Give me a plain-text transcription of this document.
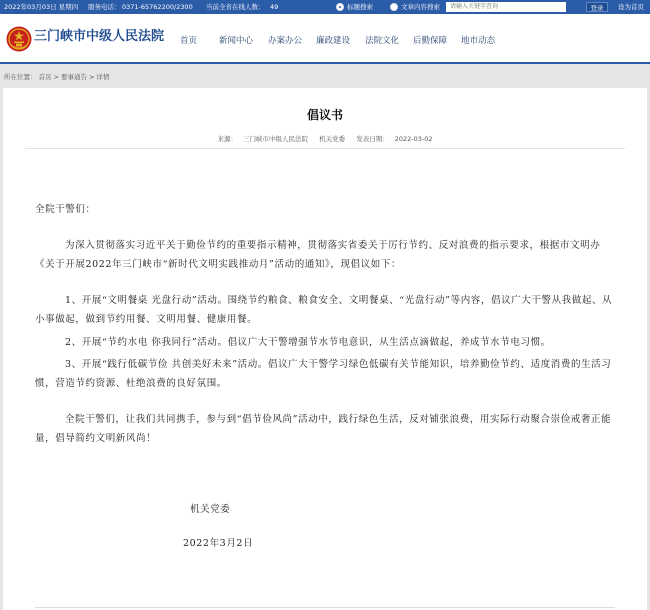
2022年03月03日 星期四 服务电话： 0371-65762200/2300 当前全省在线人数： 49	标题搜索	文章内容搜索
请输入关键字查询	登录	设为首页
三门峡市中级人民法院 首页	新闻中心 办案办公 廉政建设 法院文化 后勤保障 地市动态
所在位置： 首页 > 要事通告 > 详情
倡议书
来源： 三门峡市中级人民法院 机关党委 发表日期： 2022-03-02
全院干警们：
为深入贯彻落实习近平关于勤俭节约的重要指示精神，贯彻落实省委关于厉行节约、反对浪费的指示要求，根据市文明办《关于开展2022年三门峡市“新时代文明实践推动月”活动的通知》，现倡议如下：
1、开展“文明餐桌 光盘行动”活动。围绕节约粮食、粮食安全、文明餐桌、“光盘行动”等内容，倡议广大干警从我做起、从小事做起，做到节约用餐、文明用餐、健康用餐。
2、开展“节约水电 你我同行”活动。倡议广大干警增强节水节电意识，从生活点滴做起，养成节水节电习惯。
3、开展“践行低碳节俭 共创美好未来”活动。倡议广大干警学习绿色低碳有关节能知识，培养勤俭节约、适度消费的生活习惯，营造节约资源、杜绝浪费的良好氛围。
全院干警们，让我们共同携手，参与到“倡节俭风尚”活动中，践行绿色生活，反对铺张浪费，用实际行动聚合崇俭戒奢正能量，倡导简约文明新风尚！
机关党委
2022年3月2日
